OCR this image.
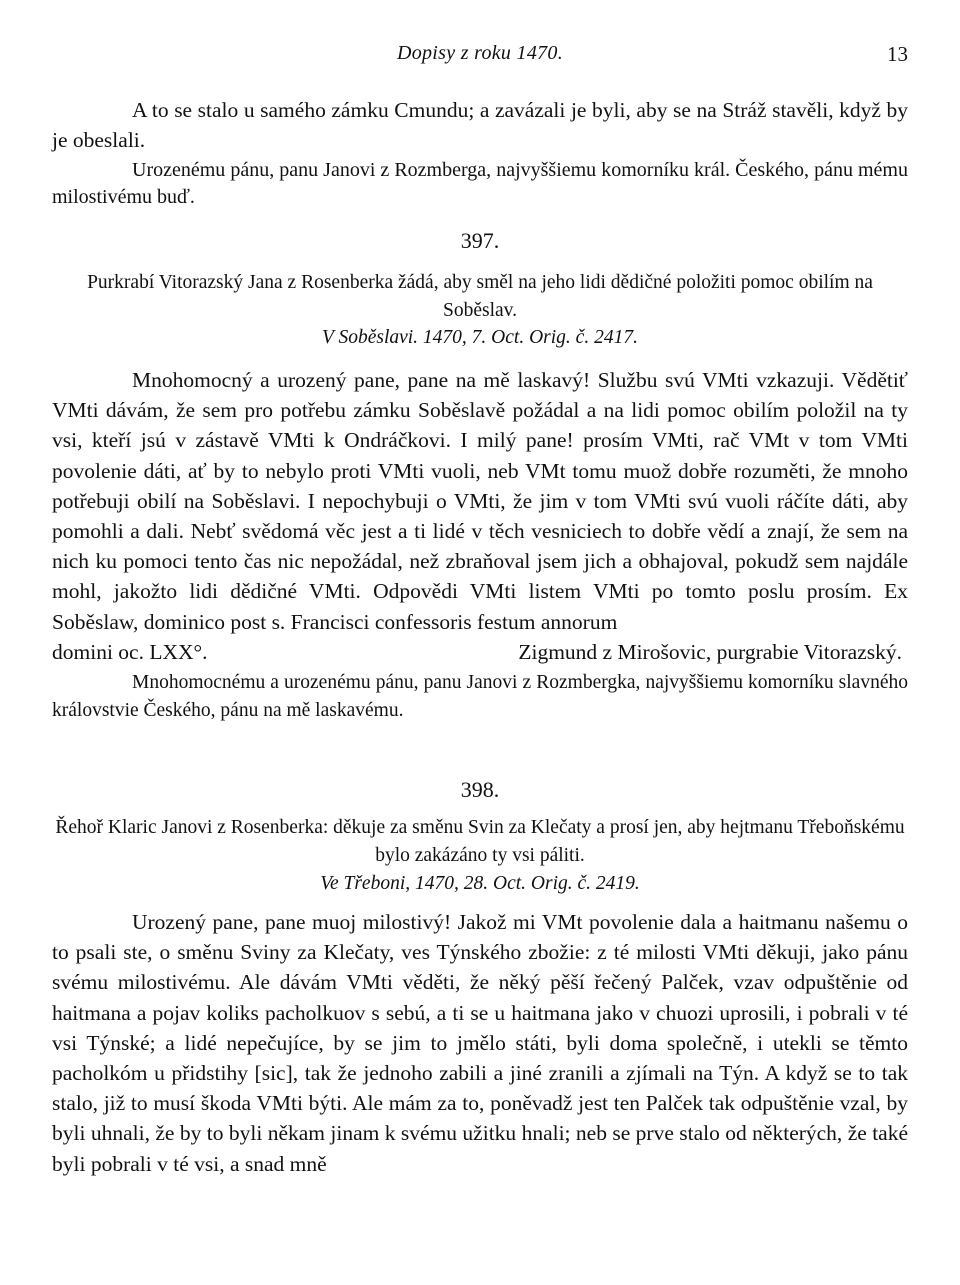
Dopisy z roku 1470.	13

A to se stalo u samého zámku Cmundu; a zavázali je byli, aby se na Stráž stavěli, když by je obeslali.

Urozenému pánu, panu Janovi z Rozmberga, najvyššiemu komorníku král. Českého, pánu mému milostivému buď.

397.
Purkrabí Vitorazský Jana z Rosenberka žádá, aby směl na jeho lidi dědičné položiti pomoc obilím na Soběslav.
V Soběslavi. 1470, 7. Oct. Orig. č. 2417.

Mnohomocný a urozený pane, pane na mě laskavý! Službu svú VMti vzkazuji. Vědětiť VMti dávám, že sem pro potřebu zámku Soběslavě požádal a na lidi pomoc obilím položil na ty vsi, kteří jsú v zástavě VMti k Ondráčkovi. I milý pane! prosím VMti, rač VMt v tom VMti povolenie dáti, ať by to nebylo proti VMti vuoli, neb VMt tomu muož dobře rozuměti, že mnoho potřebuji obilí na Soběslavi. I nepochybuji o VMti, že jim v tom VMti svú vuoli ráčíte dáti, aby pomohli a dali. Nebť svědomá věc jest a ti lidé v těch vesniciech to dobře vědí a znají, že sem na nich ku pomoci tento čas nic nepožádal, než zbraňoval jsem jich a obhajoval, pokudž sem najdále mohl, jakožto lidi dědičné VMti. Odpovědi VMti listem VMti po tomto poslu prosím. Ex Soběslaw, dominico post s. Francisci confessoris festum annorum

domini oc. LXX°.	Zigmund z Mirošovic, purgrabie Vitorazský.

Mnohomocnému a urozenému pánu, panu Janovi z Rozmbergka, najvyššiemu komorníku slavného královstvie Českého, pánu na mě laskavému.

398.
Řehoř Klaric Janovi z Rosenberka: děkuje za směnu Svin za Klečaty a prosí jen, aby hejtmanu Třeboňskému bylo zakázáno ty vsi páliti.
Ve Třeboni, 1470, 28. Oct. Orig. č. 2419.

Urozený pane, pane muoj milostivý! Jakož mi VMt povolenie dala a haitmanu našemu o to psali ste, o směnu Sviny za Klečaty, ves Týnského zbožie: z té milosti VMti děkuji, jako pánu svému milostivému. Ale dávám VMti věděti, že něký pěší řečený Palček, vzav odpuštěnie od haitmana a pojav koliks pacholkuov s sebú, a ti se u haitmana jako v chuozi uprosili, i pobrali v té vsi Týnské; a lidé nepečujíce, by se jim to jmělo státi, byli doma společně, i utekli se těmto pacholkóm u přidstihy [sic], tak že jednoho zabili a jiné zranili a zjímali na Týn. A když se to tak stalo, již to musí škoda VMti býti. Ale mám za to, poněvadž jest ten Palček tak odpuštěnie vzal, by byli uhnali, že by to byli někam jinam k svému užitku hnali; neb se prve stalo od některých, že také byli pobrali v té vsi, a snad mně
